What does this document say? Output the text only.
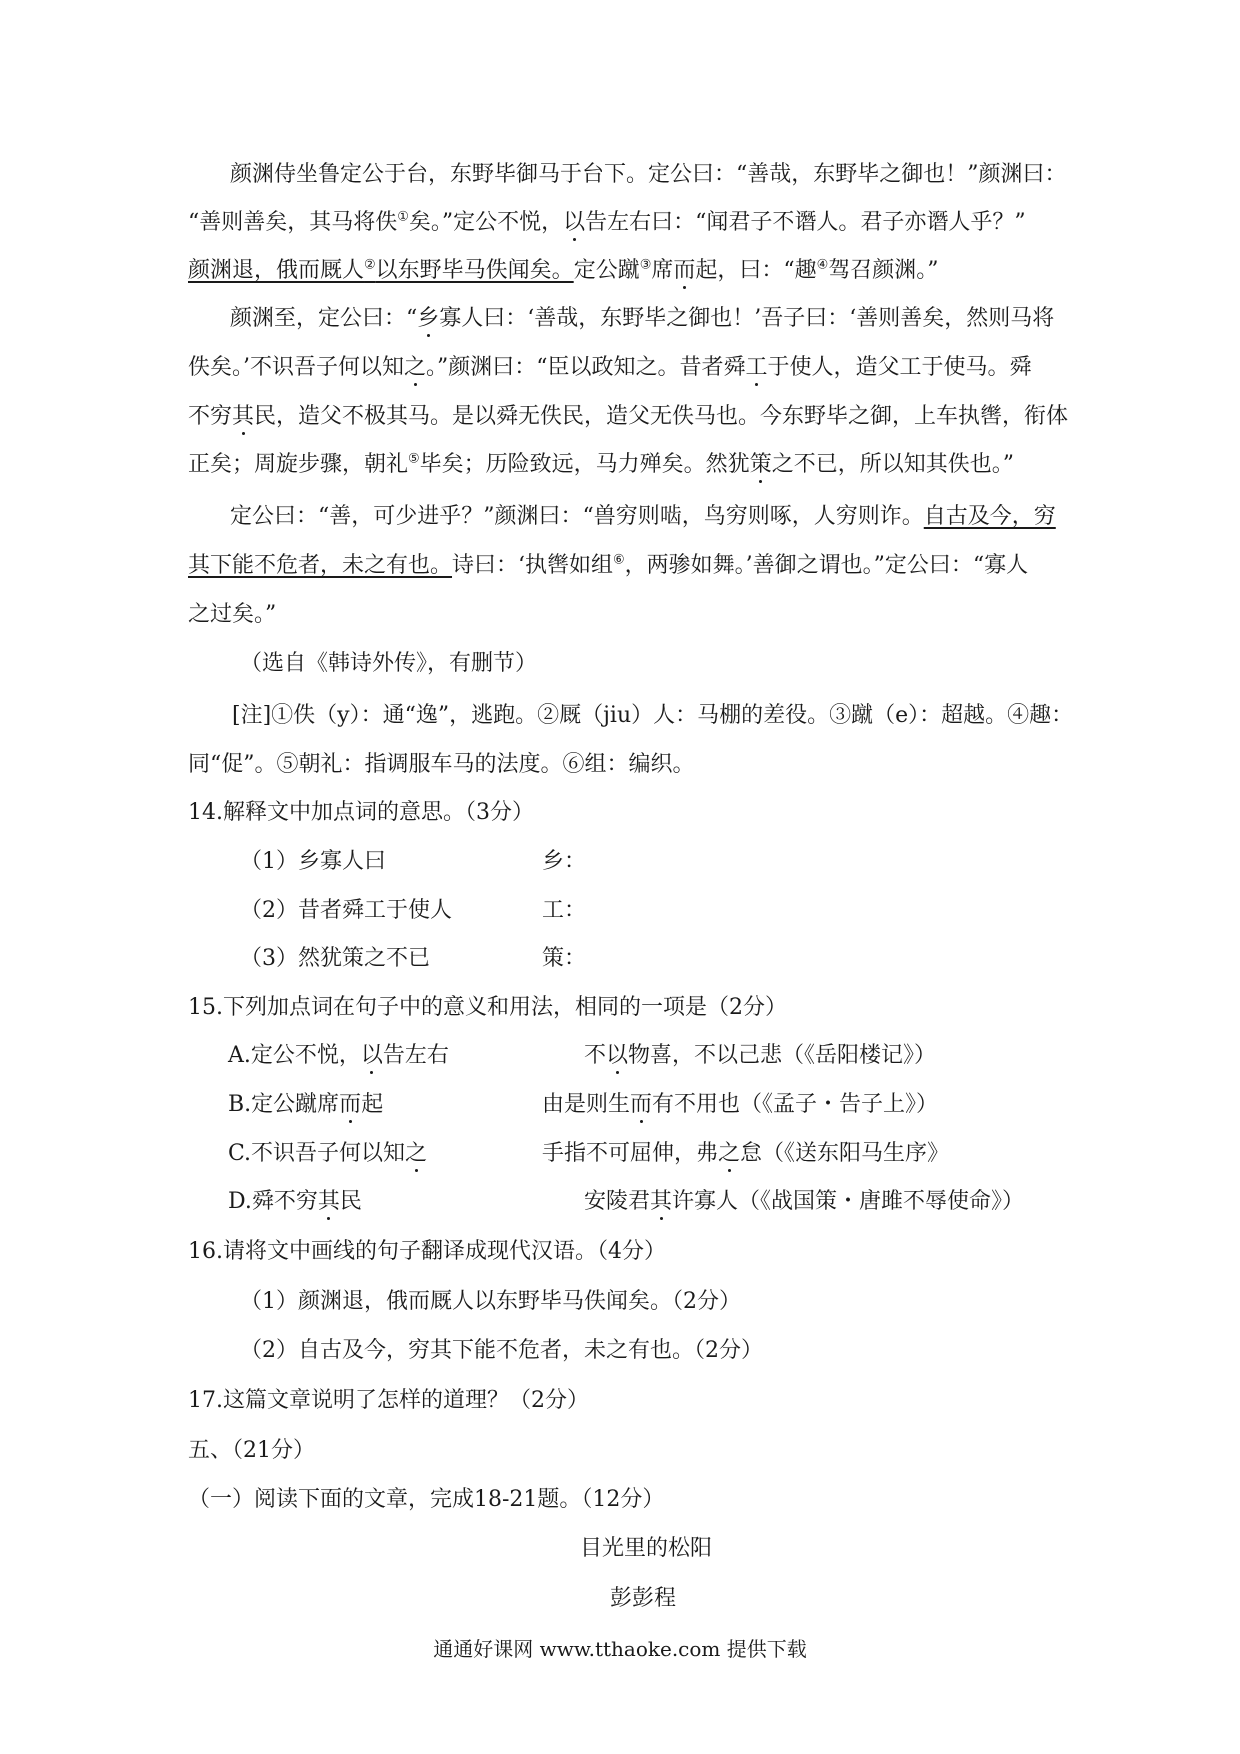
颜渊侍坐鲁定公于台，东野毕御马于台下。定公曰：“善哉，东野毕之御也！”颜渊曰：

“善则善矣，其马将佚①矣。”定公不悦，以告左右曰：“闻君子不谮人。君子亦谮人乎？”

颜渊退，俄而厩人②以东野毕马佚闻矣。定公蹴③席而起，曰：“趣④驾召颜渊。”

颜渊至，定公曰：“乡寡人曰：‘善哉，东野毕之御也！’吾子曰：‘善则善矣，然则马将

佚矣。’不识吾子何以知之。”颜渊曰：“臣以政知之。昔者舜工于使人，造父工于使马。舜

不穷其民，造父不极其马。是以舜无佚民，造父无佚马也。今东野毕之御，上车执辔，衔体

正矣；周旋步骤，朝礼⑤毕矣；历险致远，马力殚矣。然犹策之不已，所以知其佚也。”

定公曰：“善，可少进乎？”颜渊曰：“兽穷则啮，鸟穷则啄，人穷则诈。自古及今，穷

其下能不危者，未之有也。诗曰：‘执辔如组⑥，两骖如舞。’善御之谓也。”定公曰：“寡人

之过矣。”

（选自《韩诗外传》，有删节）

[注]①佚（y）：通“逸”，逃跑。②厩（jiu）人：马棚的差役。③蹴（e）：超越。④趣：

同“促”。⑤朝礼：指调服车马的法度。⑥组：编织。

14.解释文中加点词的意思。（3分）

（1）乡寡人曰	乡：

（2）昔者舜工于使人	工：

（3）然犹策之不已	策：

15.下列加点词在句子中的意义和用法，相同的一项是（2分）

A.定公不悦，以告左右	不以物喜，不以己悲（《岳阳楼记》）

B.定公蹴席而起	由是则生而有不用也（《孟子・告子上》）

C.不识吾子何以知之	手指不可屈伸，弗之怠（《送东阳马生序》

D.舜不穷其民	安陵君其许寡人（《战国策・唐雎不辱使命》）

16.请将文中画线的句子翻译成现代汉语。（4分）

（1）颜渊退，俄而厩人以东野毕马佚闻矣。（2分）

（2）自古及今，穷其下能不危者，未之有也。（2分）

17.这篇文章说明了怎样的道理？（2分）

五、（21分）

（一）阅读下面的文章，完成18-21题。（12分）

目光里的松阳

彭彭程

通通好课网 www.tthaoke.com 提供下载
